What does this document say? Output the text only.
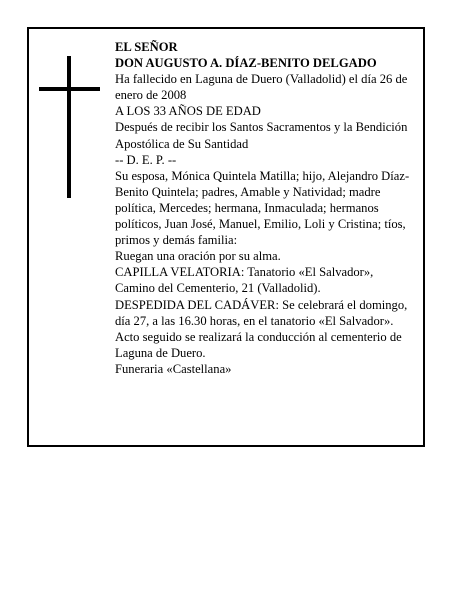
EL SEÑOR

DON AUGUSTO A. DÍAZ-BENITO DELGADO

Ha fallecido en Laguna de Duero (Valladolid) el día 26 de enero de 2008

A LOS 33 AÑOS DE EDAD

Después de recibir los Santos Sacramentos y la Bendición Apostólica de Su Santidad

-- D. E. P. --

Su esposa, Mónica Quintela Matilla; hijo, Alejandro Díaz-Benito Quintela; padres, Amable y Natividad; madre política, Mercedes; hermana, Inmaculada; hermanos políticos, Juan José, Manuel, Emilio, Loli y Cristina; tíos, primos y demás familia:

Ruegan una oración por su alma.

CAPILLA VELATORIA: Tanatorio «El Salvador», Camino del Cementerio, 21 (Valladolid).

DESPEDIDA DEL CADÁVER: Se celebrará el domingo, día 27, a las 16.30 horas, en el tanatorio «El Salvador». Acto seguido se realizará la conducción al cementerio de Laguna de Duero.

Funeraria «Castellana»
